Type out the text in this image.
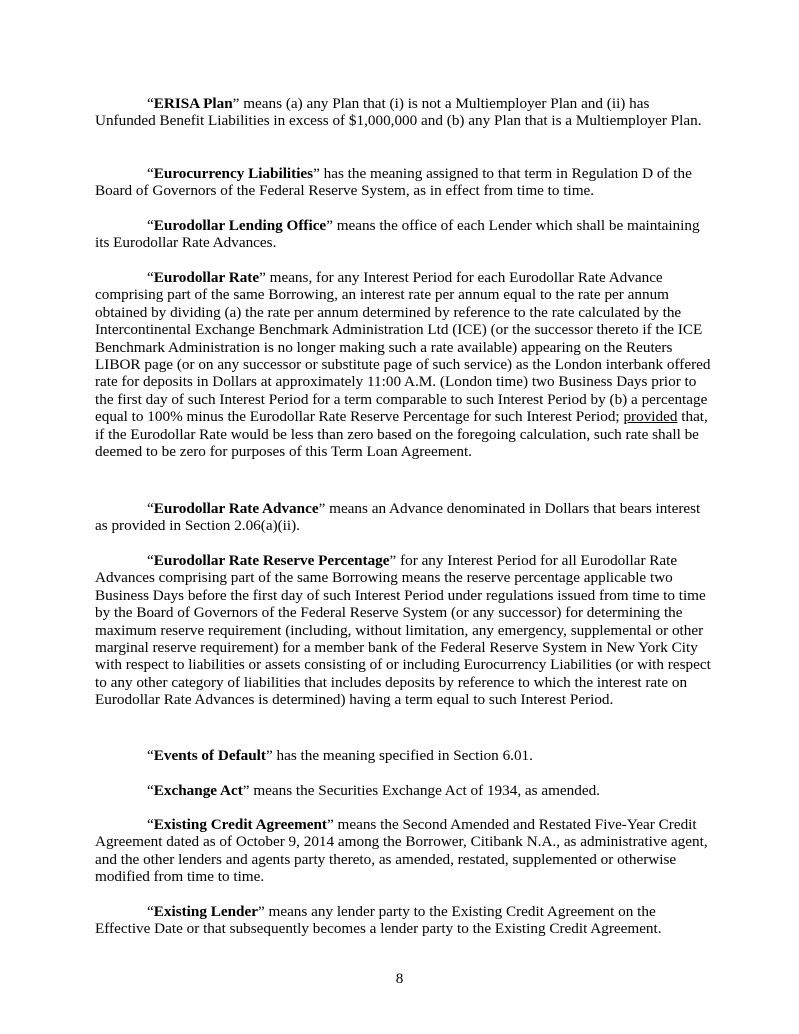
“ERISA Plan” means (a) any Plan that (i) is not a Multiemployer Plan and (ii) has Unfunded Benefit Liabilities in excess of $1,000,000 and (b) any Plan that is a Multiemployer Plan.

“Eurocurrency Liabilities” has the meaning assigned to that term in Regulation D of the Board of Governors of the Federal Reserve System, as in effect from time to time.

“Eurodollar Lending Office” means the office of each Lender which shall be maintaining its Eurodollar Rate Advances.

“Eurodollar Rate” means, for any Interest Period for each Eurodollar Rate Advance comprising part of the same Borrowing, an interest rate per annum equal to the rate per annum obtained by dividing (a) the rate per annum determined by reference to the rate calculated by the Intercontinental Exchange Benchmark Administration Ltd (ICE) (or the successor thereto if the ICE Benchmark Administration is no longer making such a rate available) appearing on the Reuters LIBOR page (or on any successor or substitute page of such service) as the London interbank offered rate for deposits in Dollars at approximately 11:00 A.M. (London time) two Business Days prior to the first day of such Interest Period for a term comparable to such Interest Period by (b) a percentage equal to 100% minus the Eurodollar Rate Reserve Percentage for such Interest Period; provided that, if the Eurodollar Rate would be less than zero based on the foregoing calculation, such rate shall be deemed to be zero for purposes of this Term Loan Agreement.

“Eurodollar Rate Advance” means an Advance denominated in Dollars that bears interest as provided in Section 2.06(a)(ii).

“Eurodollar Rate Reserve Percentage” for any Interest Period for all Eurodollar Rate Advances comprising part of the same Borrowing means the reserve percentage applicable two Business Days before the first day of such Interest Period under regulations issued from time to time by the Board of Governors of the Federal Reserve System (or any successor) for determining the maximum reserve requirement (including, without limitation, any emergency, supplemental or other marginal reserve requirement) for a member bank of the Federal Reserve System in New York City with respect to liabilities or assets consisting of or including Eurocurrency Liabilities (or with respect to any other category of liabilities that includes deposits by reference to which the interest rate on Eurodollar Rate Advances is determined) having a term equal to such Interest Period.

“Events of Default” has the meaning specified in Section 6.01.

“Exchange Act” means the Securities Exchange Act of 1934, as amended.

“Existing Credit Agreement” means the Second Amended and Restated Five-Year Credit Agreement dated as of October 9, 2014 among the Borrower, Citibank N.A., as administrative agent, and the other lenders and agents party thereto, as amended, restated, supplemented or otherwise modified from time to time.

“Existing Lender” means any lender party to the Existing Credit Agreement on the Effective Date or that subsequently becomes a lender party to the Existing Credit Agreement.

8
